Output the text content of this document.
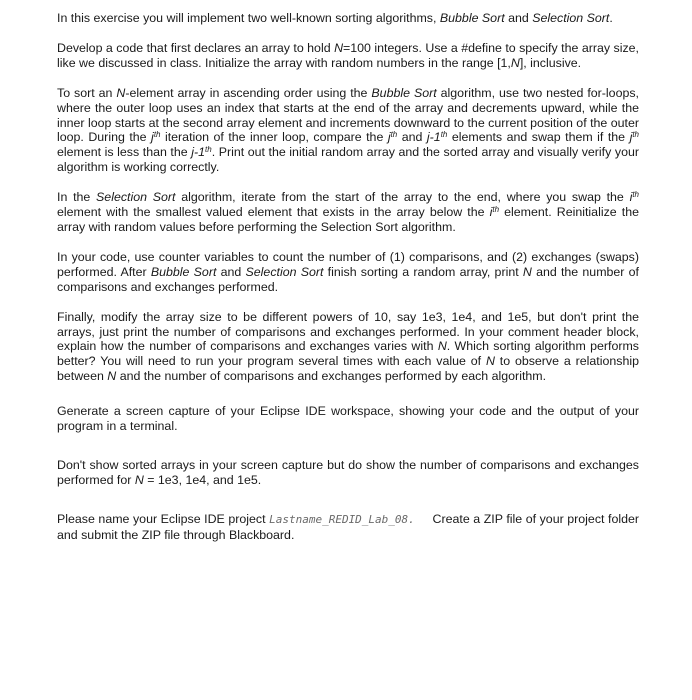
In this exercise you will implement two well-known sorting algorithms, Bubble Sort and Selection Sort.

Develop a code that first declares an array to hold N=100 integers. Use a #define to specify the array size, like we discussed in class. Initialize the array with random numbers in the range [1,N], inclusive.

To sort an N-element array in ascending order using the Bubble Sort algorithm, use two nested for-loops, where the outer loop uses an index that starts at the end of the array and decrements upward, while the inner loop starts at the second array element and increments downward to the current position of the outer loop. During the $j^{th}$ iteration of the inner loop, compare the $j^{th}$ and j-1th elements and swap them if the $j^{th}$ element is less than the j-1th. Print out the initial random array and the sorted array and visually verify your algorithm is working correctly.

In the Selection Sort algorithm, iterate from the start of the array to the end, where you swap the $i^{th}$ element with the smallest valued element that exists in the array below the $i^{th}$ element. Reinitialize the array with random values before performing the Selection Sort algorithm.

In your code, use counter variables to count the number of (1) comparisons, and (2) exchanges (swaps) performed. After Bubble Sort and Selection Sort finish sorting a random array, print N and the number of comparisons and exchanges performed.

Finally, modify the array size to be different powers of 10, say 1e3, 1e4, and 1e5, but don't print the arrays, just print the number of comparisons and exchanges performed. In your comment header block, explain how the number of comparisons and exchanges varies with N. Which sorting algorithm performs better? You will need to run your program several times with each value of N to observe a relationship between N and the number of comparisons and exchanges performed by each algorithm.

Generate a screen capture of your Eclipse IDE workspace, showing your code and the output of your program in a terminal.

Don't show sorted arrays in your screen capture but do show the number of comparisons and exchanges performed for N = 1e3, 1e4, and 1e5.

Please name your Eclipse IDE project Lastname_REDID_Lab_08.     Create a ZIP file of your project folder and submit the ZIP file through Blackboard.
